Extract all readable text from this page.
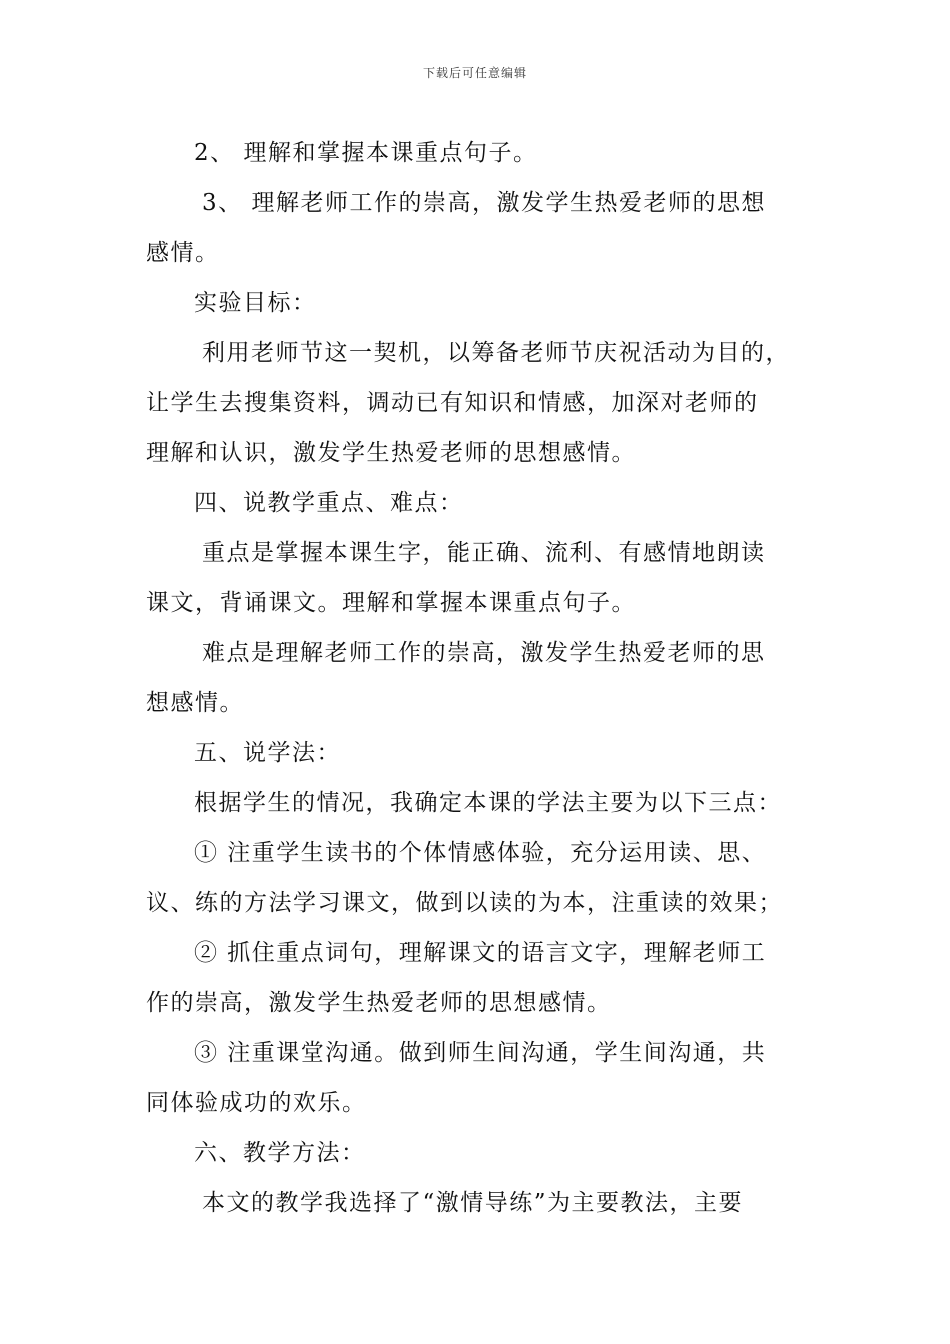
下载后可任意编辑
2、 理解和掌握本课重点句子。
3、 理解老师工作的崇高，激发学生热爱老师的思想
感情。
实验目标：
利用老师节这一契机，以筹备老师节庆祝活动为目的，
让学生去搜集资料，调动已有知识和情感，加深对老师的
理解和认识，激发学生热爱老师的思想感情。
四、说教学重点、难点：
重点是掌握本课生字，能正确、流利、有感情地朗读
课文，背诵课文。理解和掌握本课重点句子。
难点是理解老师工作的崇高，激发学生热爱老师的思
想感情。
五、说学法：
根据学生的情况，我确定本课的学法主要为以下三点：
① 注重学生读书的个体情感体验，充分运用读、思、
议、练的方法学习课文，做到以读的为本，注重读的效果；
② 抓住重点词句，理解课文的语言文字，理解老师工
作的崇高，激发学生热爱老师的思想感情。
③ 注重课堂沟通。做到师生间沟通，学生间沟通，共
同体验成功的欢乐。
六、教学方法：
本文的教学我选择了“激情导练”为主要教法，主要
